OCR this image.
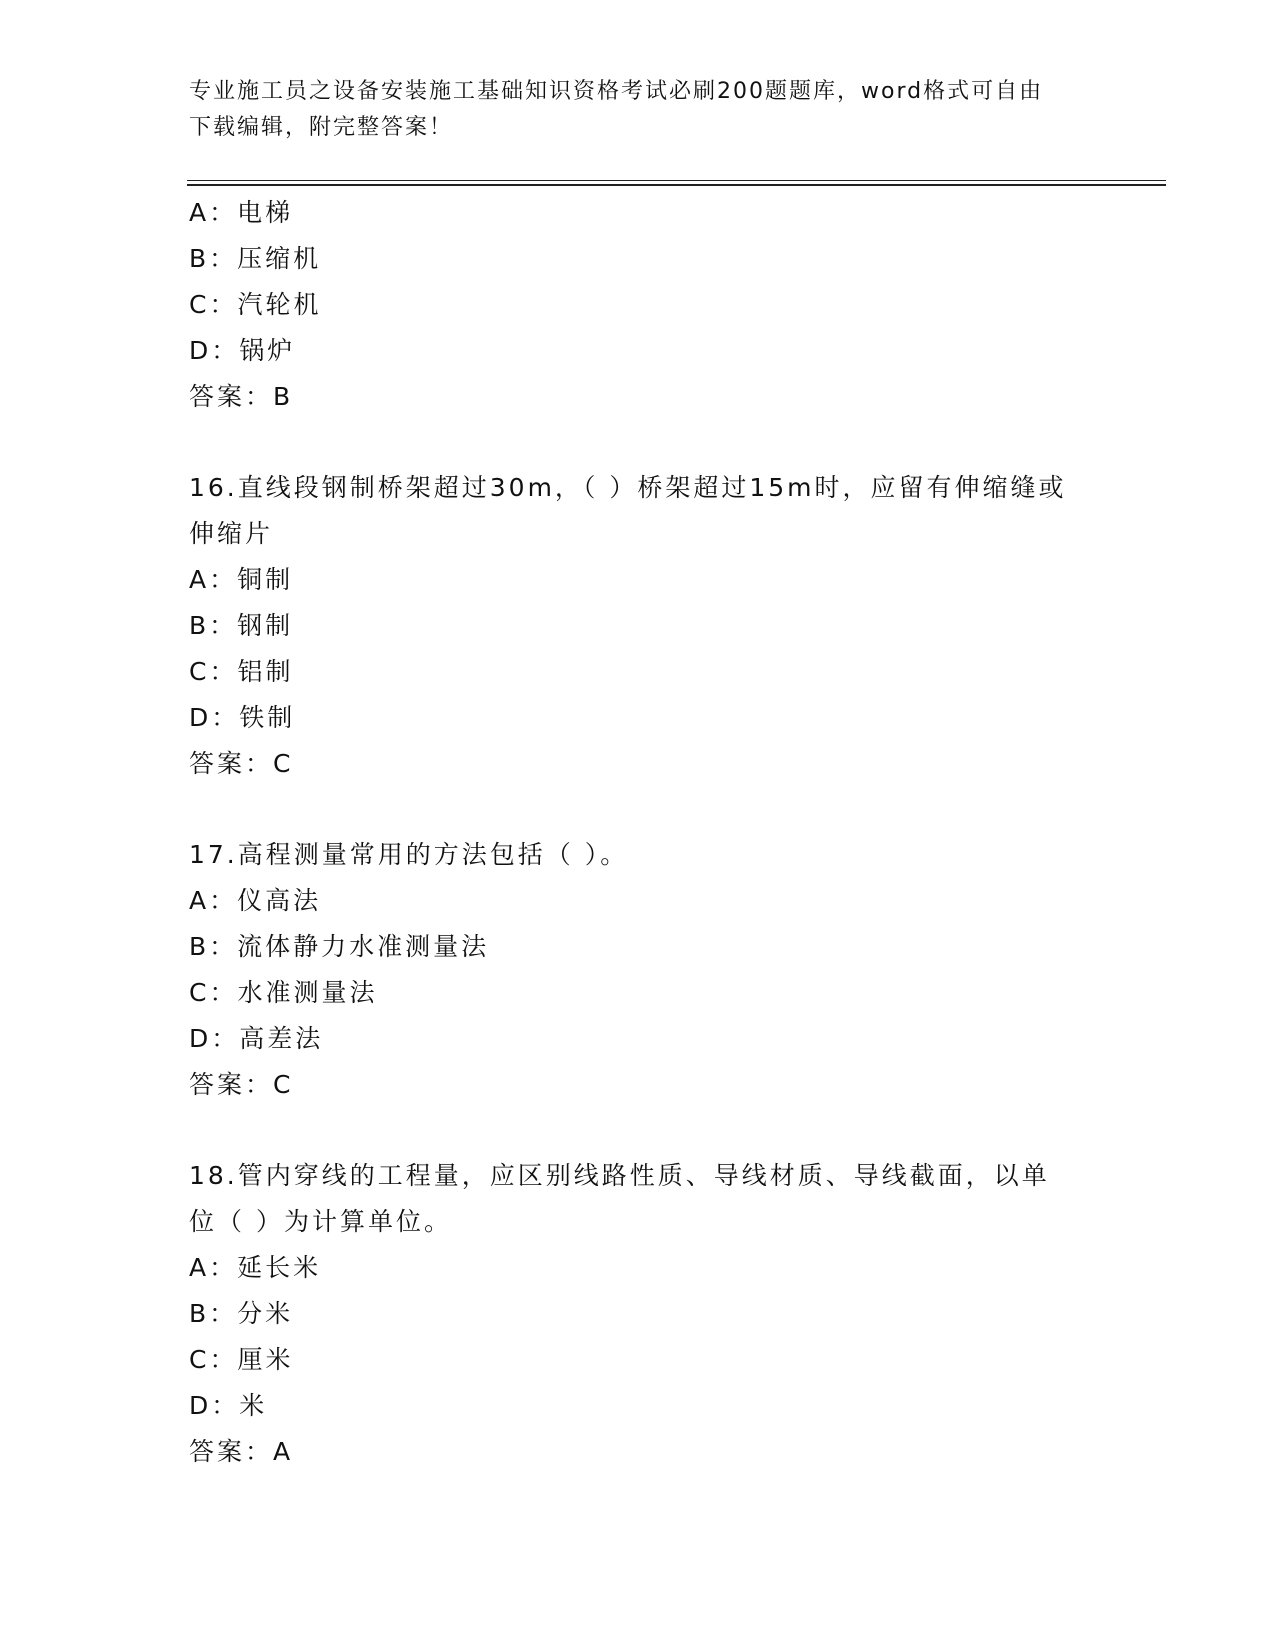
专业施工员之设备安装施工基础知识资格考试必刷200题题库，word格式可自由
下载编辑，附完整答案！
A：电梯
B：压缩机
C：汽轮机
D：锅炉
答案：B
16.直线段钢制桥架超过30m，（ ）桥架超过15m时，应留有伸缩缝或
伸缩片
A：铜制
B：钢制
C：铝制
D：铁制
答案：C
17.高程测量常用的方法包括（ ）。
A：仪高法
B：流体静力水准测量法
C：水准测量法
D：高差法
答案：C
18.管内穿线的工程量，应区别线路性质、导线材质、导线截面，以单
位（ ）为计算单位。
A：延长米
B：分米
C：厘米
D：米
答案：A
